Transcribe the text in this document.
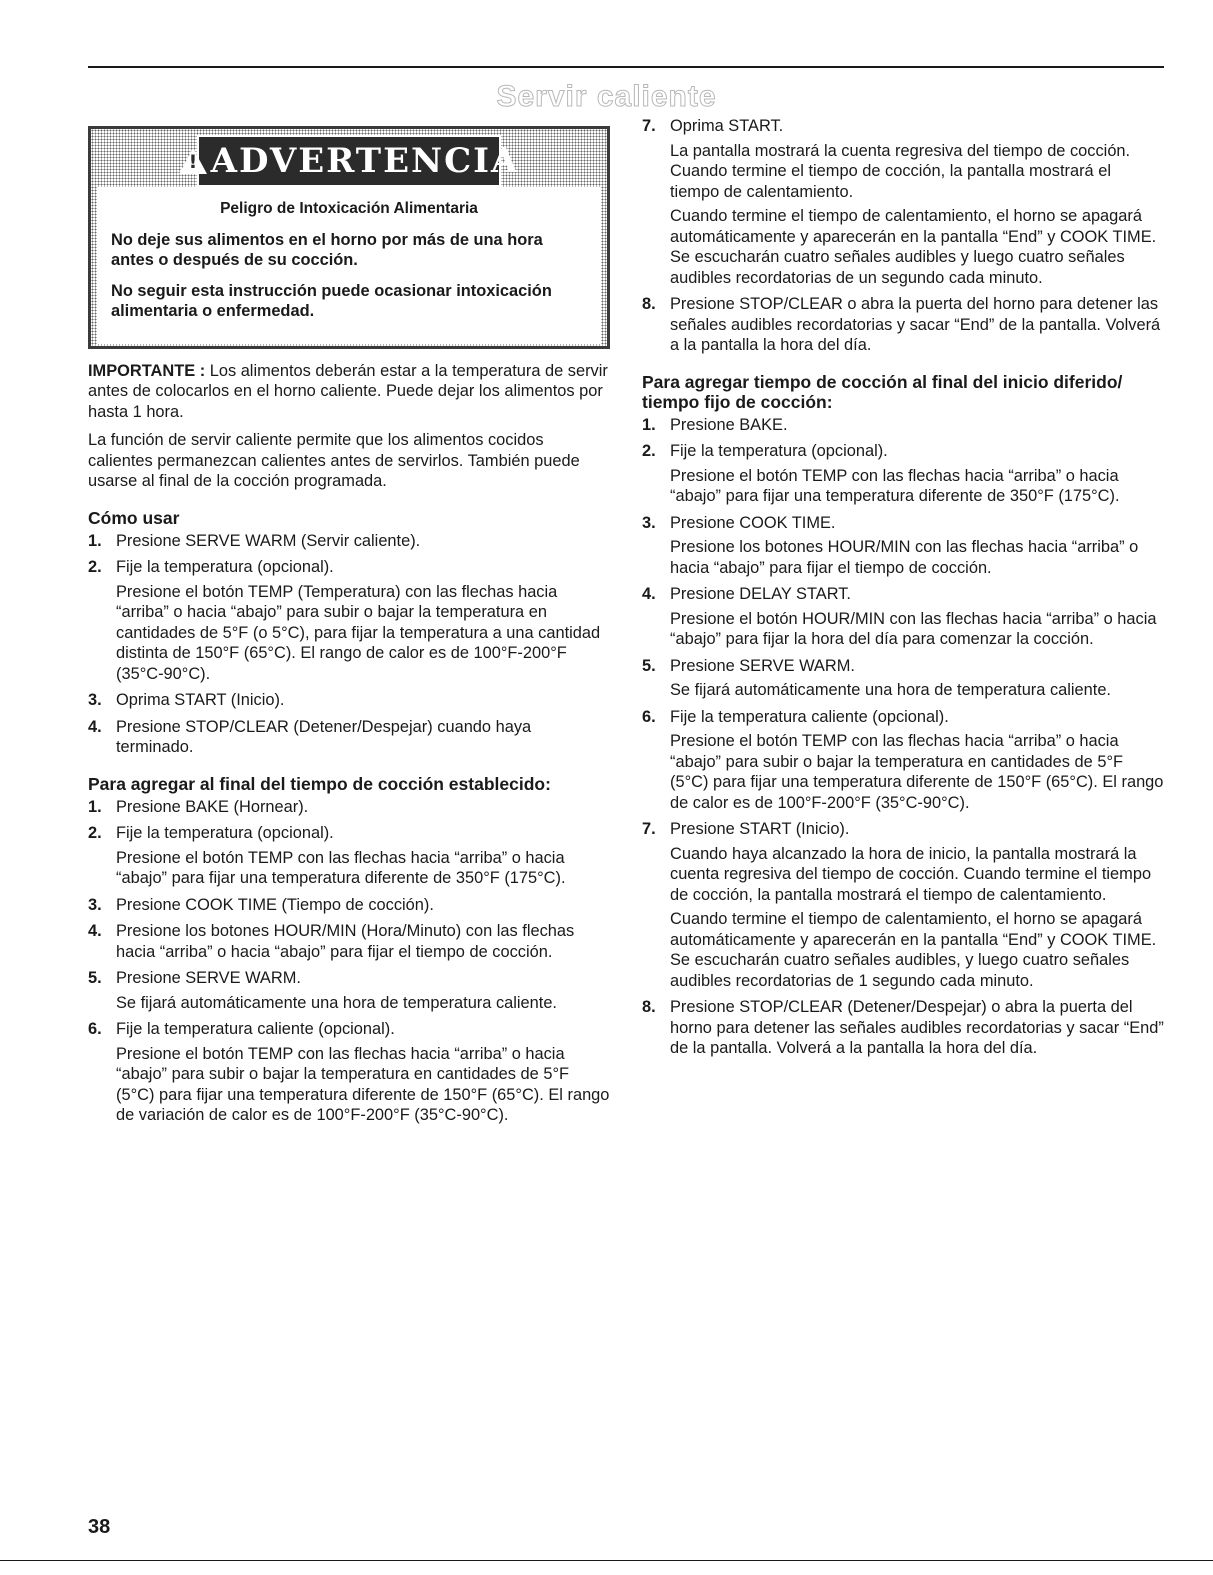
Servir caliente
!
ADVERTENCIA
Peligro de Intoxicación Alimentaria

No deje sus alimentos en el horno por más de una hora antes o después de su cocción.

No seguir esta instrucción puede ocasionar intoxicación alimentaria o enfermedad.

IMPORTANTE : Los alimentos deberán estar a la temperatura de servir antes de colocarlos en el horno caliente. Puede dejar los alimentos por hasta 1 hora.

La función de servir caliente permite que los alimentos cocidos calientes permanezcan calientes antes de servirlos. También puede usarse al final de la cocción programada.

Cómo usar
1. Presione SERVE WARM (Servir caliente).
2. Fije la temperatura (opcional).
Presione el botón TEMP (Temperatura) con las flechas hacia “arriba” o hacia “abajo” para subir o bajar la temperatura en cantidades de 5°F (o 5°C), para fijar la temperatura a una cantidad distinta de 150°F (65°C). El rango de calor es de 100°F-200°F (35°C-90°C).
3. Oprima START (Inicio).
4. Presione STOP/CLEAR (Detener/Despejar) cuando haya terminado.
Para agregar al final del tiempo de cocción establecido:
1. Presione BAKE (Hornear).
2. Fije la temperatura (opcional).
Presione el botón TEMP con las flechas hacia “arriba” o hacia “abajo” para fijar una temperatura diferente de 350°F (175°C).
3. Presione COOK TIME (Tiempo de cocción).
4. Presione los botones HOUR/MIN (Hora/Minuto) con las flechas hacia “arriba” o hacia “abajo” para fijar el tiempo de cocción.
5. Presione SERVE WARM.
Se fijará automáticamente una hora de temperatura caliente.
6. Fije la temperatura caliente (opcional).
Presione el botón TEMP con las flechas hacia “arriba” o hacia “abajo” para subir o bajar la temperatura en cantidades de 5°F (5°C) para fijar una temperatura diferente de 150°F (65°C). El rango de variación de calor es de 100°F-200°F (35°C-90°C).
7. Oprima START.
La pantalla mostrará la cuenta regresiva del tiempo de cocción. Cuando termine el tiempo de cocción, la pantalla mostrará el tiempo de calentamiento.
Cuando termine el tiempo de calentamiento, el horno se apagará automáticamente y aparecerán en la pantalla “End” y COOK TIME. Se escucharán cuatro señales audibles y luego cuatro señales audibles recordatorias de un segundo cada minuto.
8. Presione STOP/CLEAR o abra la puerta del horno para detener las señales audibles recordatorias y sacar “End” de la pantalla. Volverá a la pantalla la hora del día.
Para agregar tiempo de cocción al final del inicio diferido/ tiempo fijo de cocción:
1. Presione BAKE.
2. Fije la temperatura (opcional).
Presione el botón TEMP con las flechas hacia “arriba” o hacia “abajo” para fijar una temperatura diferente de 350°F (175°C).
3. Presione COOK TIME.
Presione los botones HOUR/MIN con las flechas hacia “arriba” o hacia “abajo” para fijar el tiempo de cocción.
4. Presione DELAY START.
Presione el botón HOUR/MIN con las flechas hacia “arriba” o hacia “abajo” para fijar la hora del día para comenzar la cocción.
5. Presione SERVE WARM.
Se fijará automáticamente una hora de temperatura caliente.
6. Fije la temperatura caliente (opcional).
Presione el botón TEMP con las flechas hacia “arriba” o hacia “abajo” para subir o bajar la temperatura en cantidades de 5°F (5°C) para fijar una temperatura diferente de 150°F (65°C). El rango de calor es de 100°F-200°F (35°C-90°C).
7. Presione START (Inicio).
Cuando haya alcanzado la hora de inicio, la pantalla mostrará la cuenta regresiva del tiempo de cocción. Cuando termine el tiempo de cocción, la pantalla mostrará el tiempo de calentamiento.
Cuando termine el tiempo de calentamiento, el horno se apagará automáticamente y aparecerán en la pantalla “End” y COOK TIME. Se escucharán cuatro señales audibles, y luego cuatro señales audibles recordatorias de 1 segundo cada minuto.
8. Presione STOP/CLEAR (Detener/Despejar) o abra la puerta del horno para detener las señales audibles recordatorias y sacar “End” de la pantalla. Volverá a la pantalla la hora del día.
38
